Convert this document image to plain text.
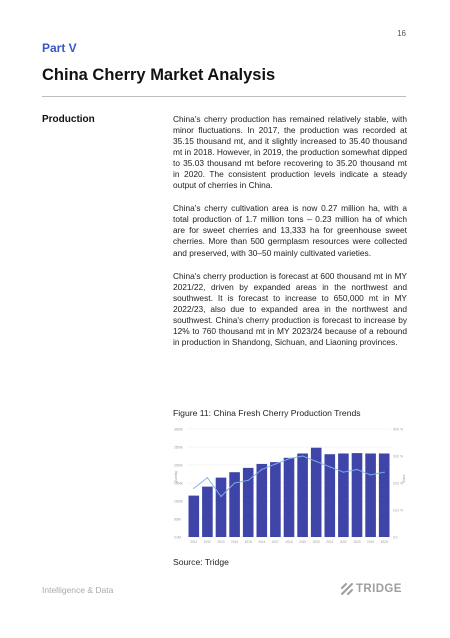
16
Part V
China Cherry Market Analysis
Production	China's cherry production has remained relatively stable, with minor fluctuations. In 2017, the production was recorded at 35.15 thousand mt, and it slightly increased to 35.40 thousand mt in 2018. However, in 2019, the production somewhat dipped to 35.03 thousand mt before recovering to 35.20 thousand mt in 2020. The consistent production levels indicate a steady output of cherries in China.

China's cherry cultivation area is now 0.27 million ha, with a total production of 1.7 million tons – 0.23 million ha of which are for sweet cherries and 13,333 ha for greenhouse sweet cherries. More than 500 germplasm resources were collected and preserved, with 30–50 mainly cultivated varieties.

China's cherry production is forecast at 600 thousand mt in MY 2021/22, driven by expanded areas in the northwest and southwest. It is forecast to increase to 650,000 mt in MY 2022/23, also due to expanded area in the northwest and southwest. China's cherry production is forecast to increase by 12% to 760 thousand mt in MY 2023/24 because of a rebound in production in Shandong, Sichuan, and Liaoning provinces.

Figure 11: China Fresh Cherry Production Trends
0.0M
500k
1000k
1500k
2000k
2500k
3000k
0.0
10.0 %
20.0 %
30.0 %
40.0 %
Quantity	Share
2011 2012 2013 2014 2015 2016 2017 2018 2019 2020 2021 2022 2023 2024 2025
Source: Tridge
Intelligence & Data	TRIDGE
